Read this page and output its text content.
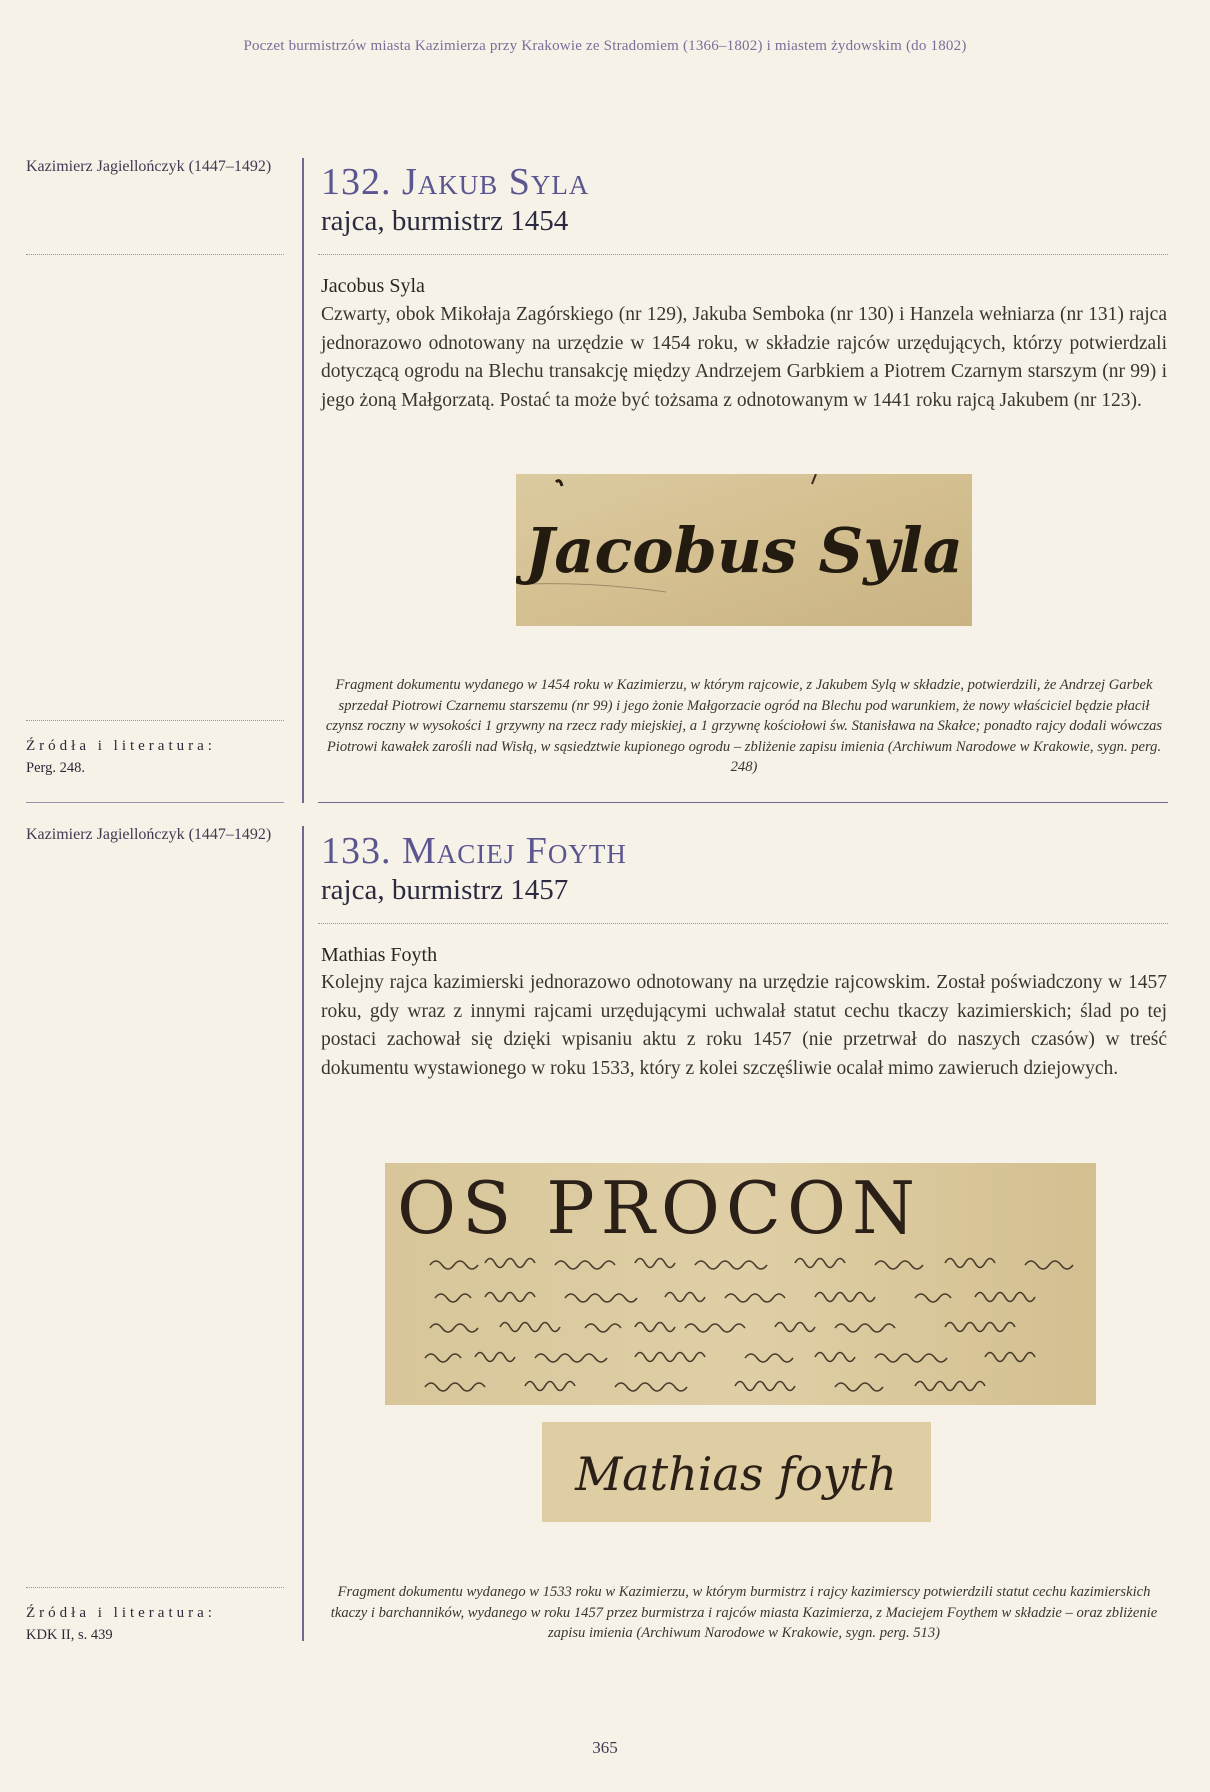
Poczet burmistrzów miasta Kazimierza przy Krakowie ze Stradomiem (1366–1802) i miastem żydowskim (do 1802)

Kazimierz Jagiellończyk (1447–1492)
Źródła i literatura:
Perg. 248.
Kazimierz Jagiellończyk (1447–1492)
Źródła i literatura:
KDK II, s. 439
132. Jakub Syla
rajca, burmistrz 1454
Jacobus Syla
Czwarty, obok Mikołaja Zagórskiego (nr 129), Jakuba Semboka (nr 130) i Hanzela wełniarza (nr 131) rajca jednorazowo odnotowany na urzędzie w 1454 roku, w składzie rajców urzędujących, którzy potwierdzali dotyczącą ogrodu na Blechu transakcję między Andrzejem Garbkiem a Piotrem Czarnym starszym (nr 99) i jego żoną Małgorzatą. Postać ta może być tożsama z odnotowanym w 1441 roku rajcą Jakubem (nr 123).
Jacobus Syla
Fragment dokumentu wydanego w 1454 roku w Kazimierzu, w którym rajcowie, z Jakubem Sylą w składzie, potwierdzili, że Andrzej Garbek sprzedał Piotrowi Czarnemu starszemu (nr 99) i jego żonie Małgorzacie ogród na Blechu pod warunkiem, że nowy właściciel będzie płacił czynsz roczny w wysokości 1 grzywny na rzecz rady miejskiej, a 1 grzywnę kościołowi św. Stanisława na Skałce; ponadto rajcy dodali wówczas Piotrowi kawałek zarośli nad Wisłą, w sąsiedztwie kupionego ogrodu – zbliżenie zapisu imienia (Archiwum Narodowe w Krakowie, sygn. perg. 248)
133. Maciej Foyth
rajca, burmistrz 1457
Mathias Foyth
Kolejny rajca kazimierski jednorazowo odnotowany na urzędzie rajcowskim. Został poświadczony w 1457 roku, gdy wraz z innymi rajcami urzędującymi uchwalał statut cechu tkaczy kazimierskich; ślad po tej postaci zachował się dzięki wpisaniu aktu z roku 1457 (nie przetrwał do naszych czasów) w treść dokumentu wystawionego w roku 1533, który z kolei szczęśliwie ocalał mimo zawieruch dziejowych.
OS PROCON
Mathias foyth
Fragment dokumentu wydanego w 1533 roku w Kazimierzu, w którym burmistrz i rajcy kazimierscy potwierdzili statut cechu kazimierskich tkaczy i barchanników, wydanego w roku 1457 przez burmistrza i rajców miasta Kazimierza, z Maciejem Foythem w składzie – oraz zbliżenie zapisu imienia (Archiwum Narodowe w Krakowie, sygn. perg. 513)
365
